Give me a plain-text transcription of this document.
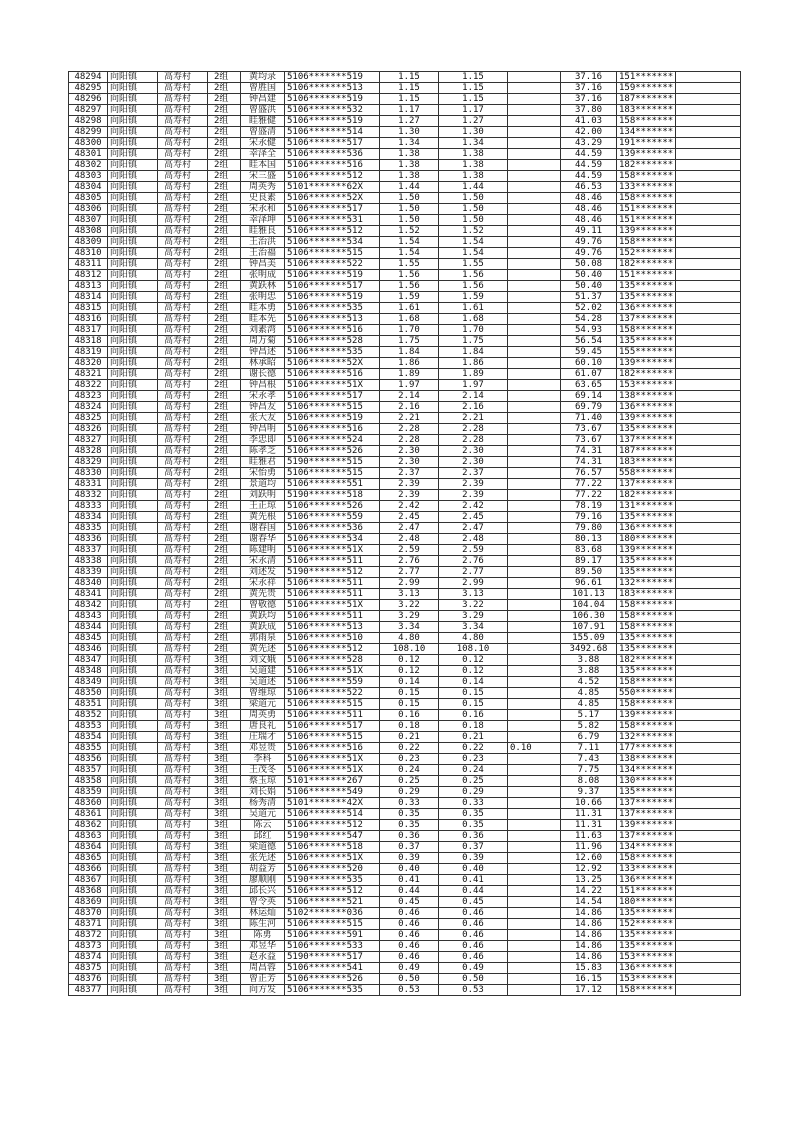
48294	向阳镇	高寿村	2组	黄均录	5106*******519	1.15	1.15		37.16	151*******	
48295	向阳镇	高寿村	2组	曾胜国	5106*******513	1.15	1.15		37.16	159*******	
48296	向阳镇	高寿村	2组	钟昌建	5106*******519	1.15	1.15		37.16	187*******	
48297	向阳镇	高寿村	2组	曾盛洪	5106*******532	1.17	1.17		37.80	183*******	
48298	向阳镇	高寿村	2组	眭雅健	5106*******519	1.27	1.27		41.03	158*******	
48299	向阳镇	高寿村	2组	曾盛清	5106*******514	1.30	1.30		42.00	134*******	
48300	向阳镇	高寿村	2组	宋永健	5106*******517	1.34	1.34		43.29	191*******	
48301	向阳镇	高寿村	2组	幸泽全	5106*******536	1.38	1.38		44.59	139*******	
48302	向阳镇	高寿村	2组	眭本国	5106*******516	1.38	1.38		44.59	182*******	
48303	向阳镇	高寿村	2组	宋三盛	5106*******512	1.38	1.38		44.59	158*******	
48304	向阳镇	高寿村	2组	周英秀	5101*******62X	1.44	1.44		46.53	133*******	
48305	向阳镇	高寿村	2组	史良素	5106*******52X	1.50	1.50		48.46	158*******	
48306	向阳镇	高寿村	2组	宋永和	5106*******517	1.50	1.50		48.46	151*******	
48307	向阳镇	高寿村	2组	幸泽坤	5106*******531	1.50	1.50		48.46	151*******	
48308	向阳镇	高寿村	2组	眭雅良	5106*******512	1.52	1.52		49.11	139*******	
48309	向阳镇	高寿村	2组	王治洪	5106*******534	1.54	1.54		49.76	158*******	
48310	向阳镇	高寿村	2组	王治福	5106*******515	1.54	1.54		49.76	152*******	
48311	向阳镇	高寿村	2组	钟昌美	5106*******522	1.55	1.55		50.08	182*******	
48312	向阳镇	高寿村	2组	张明成	5106*******519	1.56	1.56		50.40	151*******	
48313	向阳镇	高寿村	2组	黄跃林	5106*******517	1.56	1.56		50.40	135*******	
48314	向阳镇	高寿村	2组	张明忠	5106*******519	1.59	1.59		51.37	135*******	
48315	向阳镇	高寿村	2组	眭本勇	5106*******535	1.61	1.61		52.02	136*******	
48316	向阳镇	高寿村	2组	眭本先	5106*******513	1.68	1.68		54.28	137*******	
48317	向阳镇	高寿村	2组	刘素湾	5106*******516	1.70	1.70		54.93	158*******	
48318	向阳镇	高寿村	2组	周万菊	5106*******528	1.75	1.75		56.54	135*******	
48319	向阳镇	高寿村	2组	钟昌述	5106*******535	1.84	1.84		59.45	155*******	
48320	向阳镇	高寿村	2组	林承昭	5106*******52X	1.86	1.86		60.10	139*******	
48321	向阳镇	高寿村	2组	谢长德	5106*******516	1.89	1.89		61.07	182*******	
48322	向阳镇	高寿村	2组	钟昌根	5106*******51X	1.97	1.97		63.65	153*******	
48323	向阳镇	高寿村	2组	宋永孝	5106*******517	2.14	2.14		69.14	138*******	
48324	向阳镇	高寿村	2组	钟昌友	5106*******515	2.16	2.16		69.79	136*******	
48325	向阳镇	高寿村	2组	张大友	5106*******519	2.21	2.21		71.40	139*******	
48326	向阳镇	高寿村	2组	钟昌明	5106*******516	2.28	2.28		73.67	135*******	
48327	向阳镇	高寿村	2组	李忠即	5106*******524	2.28	2.28		73.67	137*******	
48328	向阳镇	高寿村	2组	陈孝芝	5106*******526	2.30	2.30		74.31	187*******	
48329	向阳镇	高寿村	2组	眭雅君	5190*******515	2.30	2.30		74.31	183*******	
48330	向阳镇	高寿村	2组	宋怡勇	5106*******515	2.37	2.37		76.57	558*******	
48331	向阳镇	高寿村	2组	景道均	5106*******551	2.39	2.39		77.22	137*******	
48332	向阳镇	高寿村	2组	刘跃明	5190*******518	2.39	2.39		77.22	182*******	
48333	向阳镇	高寿村	2组	王正琼	5106*******526	2.42	2.42		78.19	131*******	
48334	向阳镇	高寿村	2组	黄先根	5106*******559	2.45	2.45		79.16	135*******	
48335	向阳镇	高寿村	2组	谢春国	5106*******536	2.47	2.47		79.80	136*******	
48336	向阳镇	高寿村	2组	谢春华	5106*******534	2.48	2.48		80.13	180*******	
48337	向阳镇	高寿村	2组	陈建明	5106*******51X	2.59	2.59		83.68	139*******	
48338	向阳镇	高寿村	2组	宋永清	5106*******511	2.76	2.76		89.17	135*******	
48339	向阳镇	高寿村	2组	刘述发	5190*******512	2.77	2.77		89.50	135*******	
48340	向阳镇	高寿村	2组	宋永祥	5106*******511	2.99	2.99		96.61	132*******	
48341	向阳镇	高寿村	2组	黄先贵	5106*******511	3.13	3.13		101.13	183*******	
48342	向阳镇	高寿村	2组	曾敬德	5106*******51X	3.22	3.22		104.04	158*******	
48343	向阳镇	高寿村	2组	黄跃均	5106*******511	3.29	3.29		106.30	158*******	
48344	向阳镇	高寿村	2组	黄跃成	5106*******513	3.34	3.34		107.91	158*******	
48345	向阳镇	高寿村	2组	郭雨泉	5106*******510	4.80	4.80		155.09	135*******	
48346	向阳镇	高寿村	2组	黄先述	5106*******512	108.10	108.10		3492.68	135*******	
48347	向阳镇	高寿村	3组	刘文娥	5106*******528	0.12	0.12		3.88	182*******	
48348	向阳镇	高寿村	3组	吴道建	5106*******51X	0.12	0.12		3.88	135*******	
48349	向阳镇	高寿村	3组	吴道述	5106*******559	0.14	0.14		4.52	158*******	
48350	向阳镇	高寿村	3组	曾维琼	5106*******522	0.15	0.15		4.85	550*******	
48351	向阳镇	高寿村	3组	梁道元	5106*******515	0.15	0.15		4.85	158*******	
48352	向阳镇	高寿村	3组	周英勇	5106*******511	0.16	0.16		5.17	139*******	
48353	向阳镇	高寿村	3组	唐良礼	5106*******517	0.18	0.18		5.82	158*******	
48354	向阳镇	高寿村	3组	庄瑞才	5106*******515	0.21	0.21		6.79	132*******	
48355	向阳镇	高寿村	3组	邓昱贵	5106*******516	0.22	0.22	0.10	7.11	177*******	
48356	向阳镇	高寿村	3组	李科	5106*******51X	0.23	0.23		7.43	138*******	
48357	向阳镇	高寿村	3组	王茂冬	5106*******51X	0.24	0.24		7.75	134*******	
48358	向阳镇	高寿村	3组	蔡玉琼	5101*******267	0.25	0.25		8.08	130*******	
48359	向阳镇	高寿村	3组	刘长娟	5106*******549	0.29	0.29		9.37	135*******	
48360	向阳镇	高寿村	3组	杨秀清	5101*******42X	0.33	0.33		10.66	137*******	
48361	向阳镇	高寿村	3组	吴道元	5106*******514	0.35	0.35		11.31	137*******	
48362	向阳镇	高寿村	3组	陈云	5106*******512	0.35	0.35		11.31	139*******	
48363	向阳镇	高寿村	3组	邱红	5190*******547	0.36	0.36		11.63	137*******	
48364	向阳镇	高寿村	3组	梁道德	5106*******518	0.37	0.37		11.96	134*******	
48365	向阳镇	高寿村	3组	张先述	5106*******51X	0.39	0.39		12.60	158*******	
48366	向阳镇	高寿村	3组	胡益芳	5106*******520	0.40	0.40		12.92	133*******	
48367	向阳镇	高寿村	3组	廖顺刚	5190*******535	0.41	0.41		13.25	136*******	
48368	向阳镇	高寿村	3组	邱长兴	5106*******512	0.44	0.44		14.22	151*******	
48369	向阳镇	高寿村	3组	曾令英	5106*******521	0.45	0.45		14.54	180*******	
48370	向阳镇	高寿村	3组	林运灿	5102*******036	0.46	0.46		14.86	135*******	
48371	向阳镇	高寿村	3组	陈生河	5106*******515	0.46	0.46		14.86	152*******	
48372	向阳镇	高寿村	3组	陈勇	5106*******591	0.46	0.46		14.86	135*******	
48373	向阳镇	高寿村	3组	邓昱华	5106*******533	0.46	0.46		14.86	135*******	
48374	向阳镇	高寿村	3组	赵永益	5190*******517	0.46	0.46		14.86	153*******	
48375	向阳镇	高寿村	3组	周昌蓉	5106*******541	0.49	0.49		15.83	136*******	
48376	向阳镇	高寿村	3组	曾正芳	5106*******526	0.50	0.50		16.15	153*******	
48377	向阳镇	高寿村	3组	向方发	5106*******535	0.53	0.53		17.12	158*******	
